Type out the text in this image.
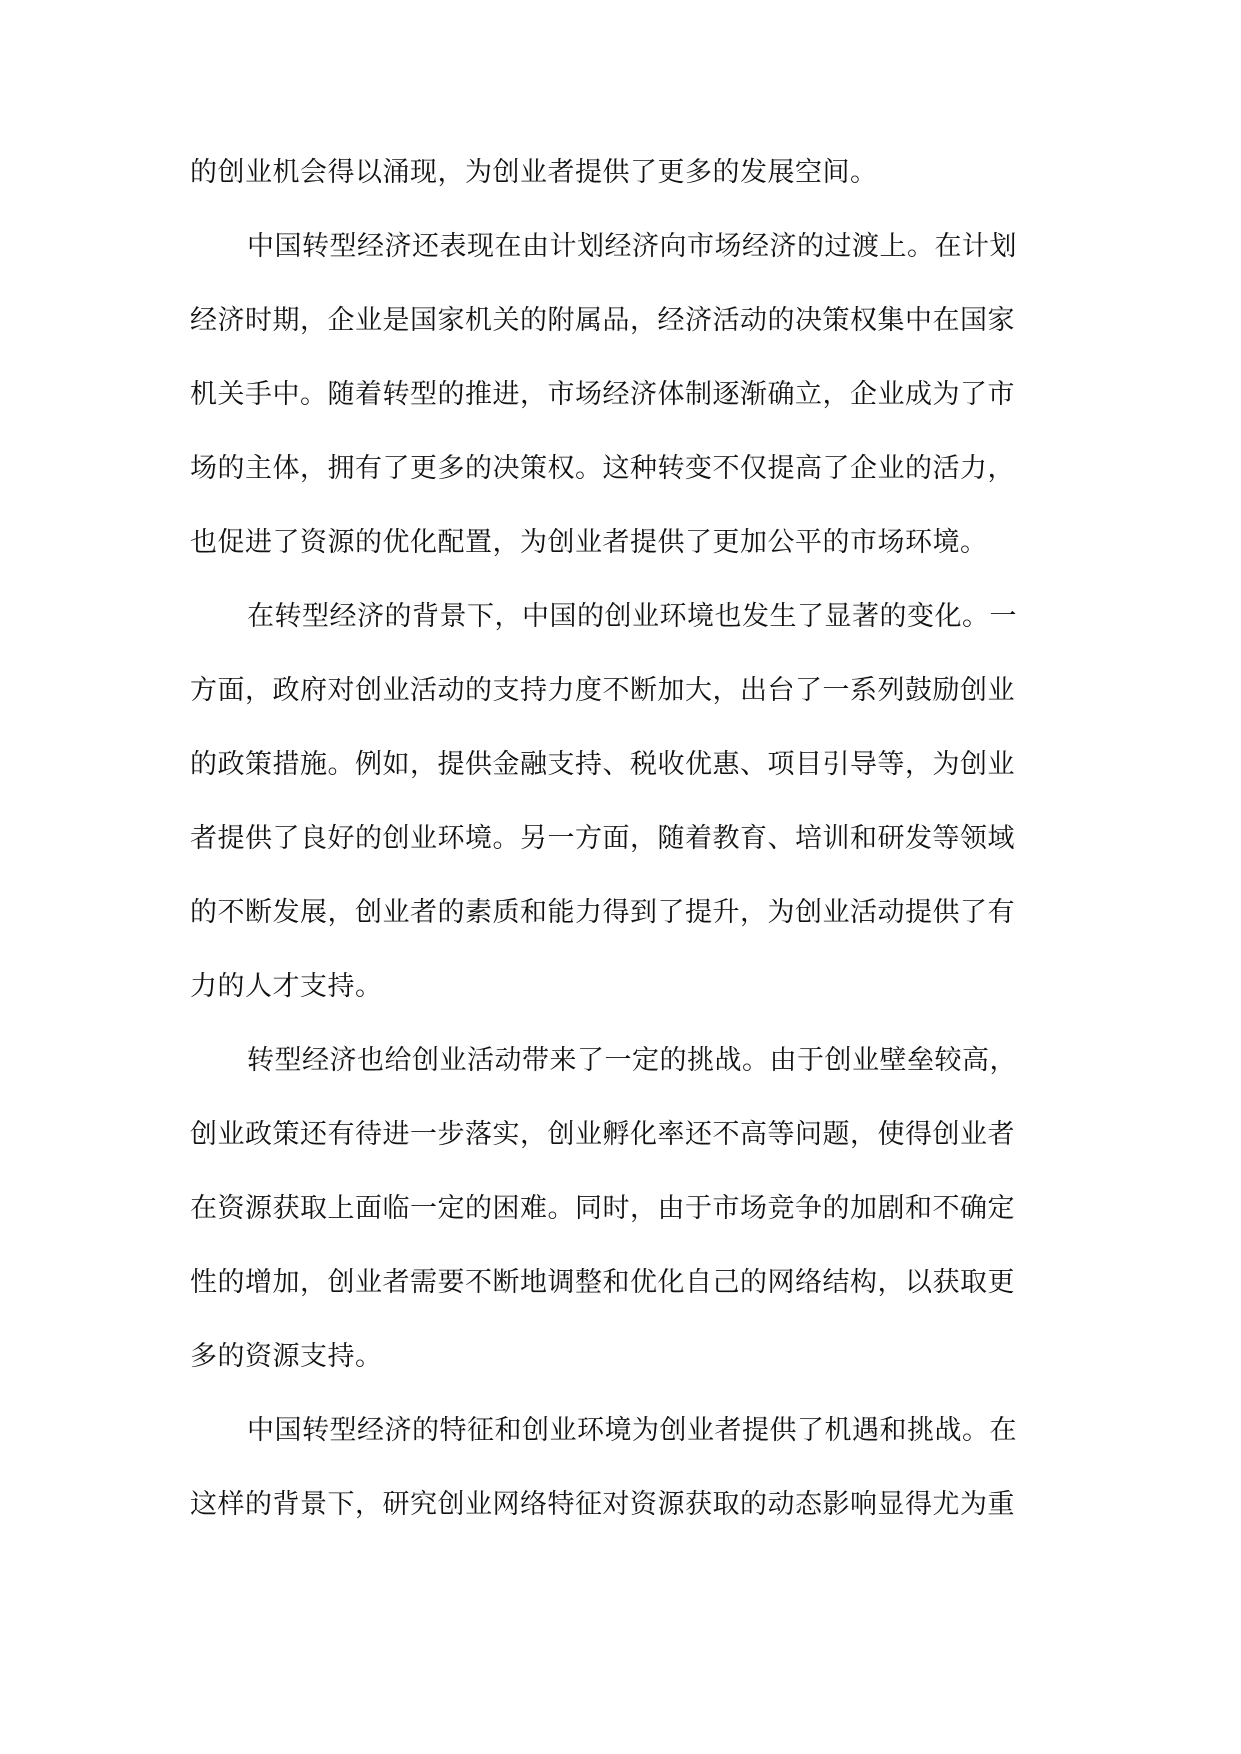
的创业机会得以涌现，为创业者提供了更多的发展空间。
中国转型经济还表现在由计划经济向市场经济的过渡上。在计划
经济时期，企业是国家机关的附属品，经济活动的决策权集中在国家
机关手中。随着转型的推进，市场经济体制逐渐确立，企业成为了市
场的主体，拥有了更多的决策权。这种转变不仅提高了企业的活力，
也促进了资源的优化配置，为创业者提供了更加公平的市场环境。
在转型经济的背景下，中国的创业环境也发生了显著的变化。一
方面，政府对创业活动的支持力度不断加大，出台了一系列鼓励创业
的政策措施。例如，提供金融支持、税收优惠、项目引导等，为创业
者提供了良好的创业环境。另一方面，随着教育、培训和研发等领域
的不断发展，创业者的素质和能力得到了提升，为创业活动提供了有
力的人才支持。
转型经济也给创业活动带来了一定的挑战。由于创业壁垒较高，
创业政策还有待进一步落实，创业孵化率还不高等问题，使得创业者
在资源获取上面临一定的困难。同时，由于市场竞争的加剧和不确定
性的增加，创业者需要不断地调整和优化自己的网络结构，以获取更
多的资源支持。
中国转型经济的特征和创业环境为创业者提供了机遇和挑战。在
这样的背景下，研究创业网络特征对资源获取的动态影响显得尤为重
